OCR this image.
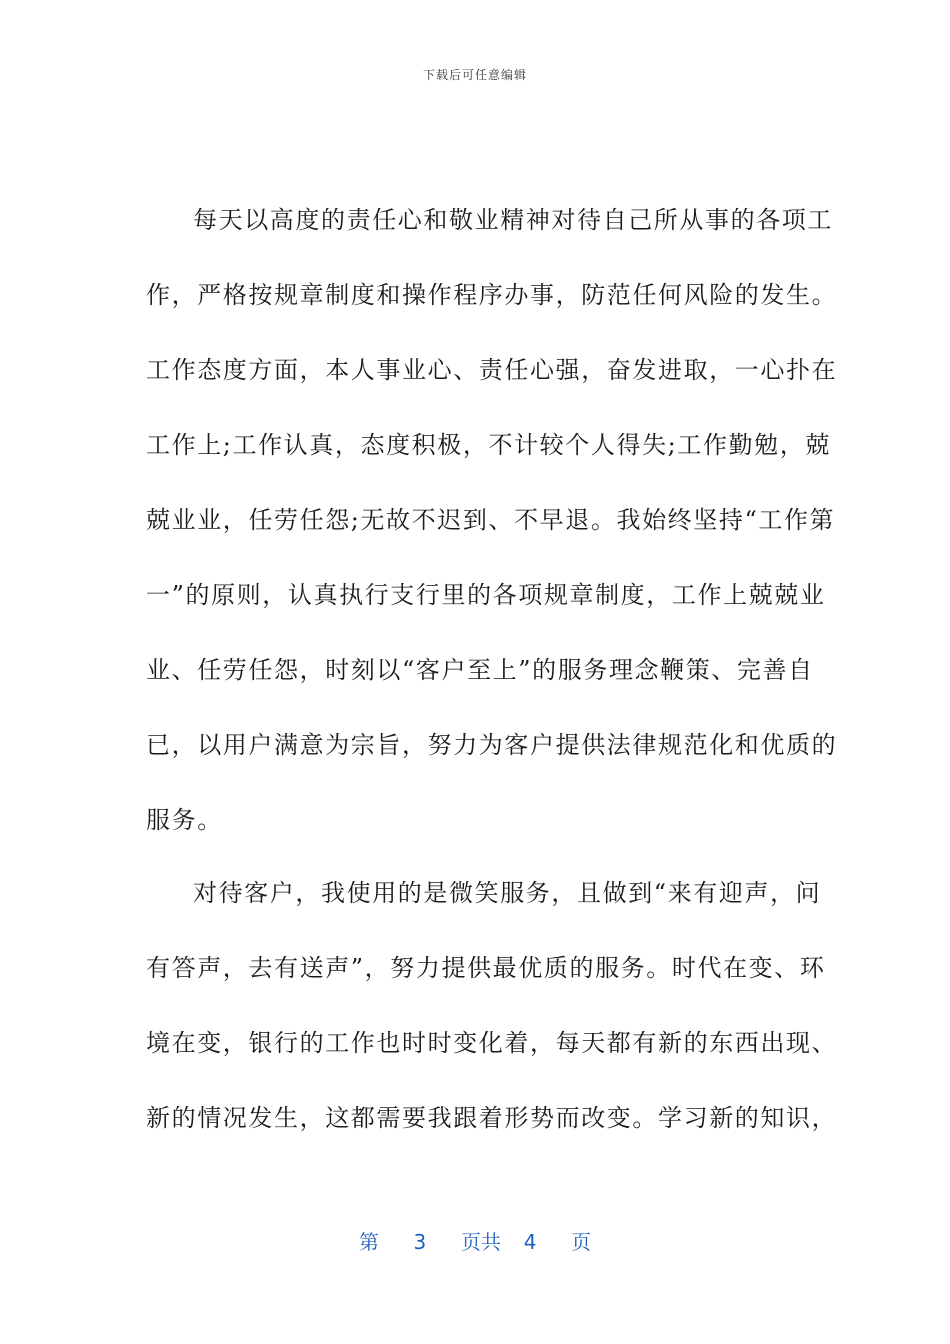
下载后可任意编辑
每天以高度的责任心和敬业精神对待自己所从事的各项工
作，严格按规章制度和操作程序办事，防范任何风险的发生。
工作态度方面，本人事业心、责任心强，奋发进取，一心扑在
工作上;工作认真，态度积极，不计较个人得失;工作勤勉，兢
兢业业，任劳任怨;无故不迟到、不早退。我始终坚持“工作第
一”的原则，认真执行支行里的各项规章制度，工作上兢兢业
业、任劳任怨，时刻以“客户至上”的服务理念鞭策、完善自
已，以用户满意为宗旨，努力为客户提供法律规范化和优质的
服务。
对待客户，我使用的是微笑服务，且做到“来有迎声，问
有答声，去有送声”，努力提供最优质的服务。时代在变、环
境在变，银行的工作也时时变化着，每天都有新的东西出现、
新的情况发生，这都需要我跟着形势而改变。学习新的知识，
第 3 页共 4 页
